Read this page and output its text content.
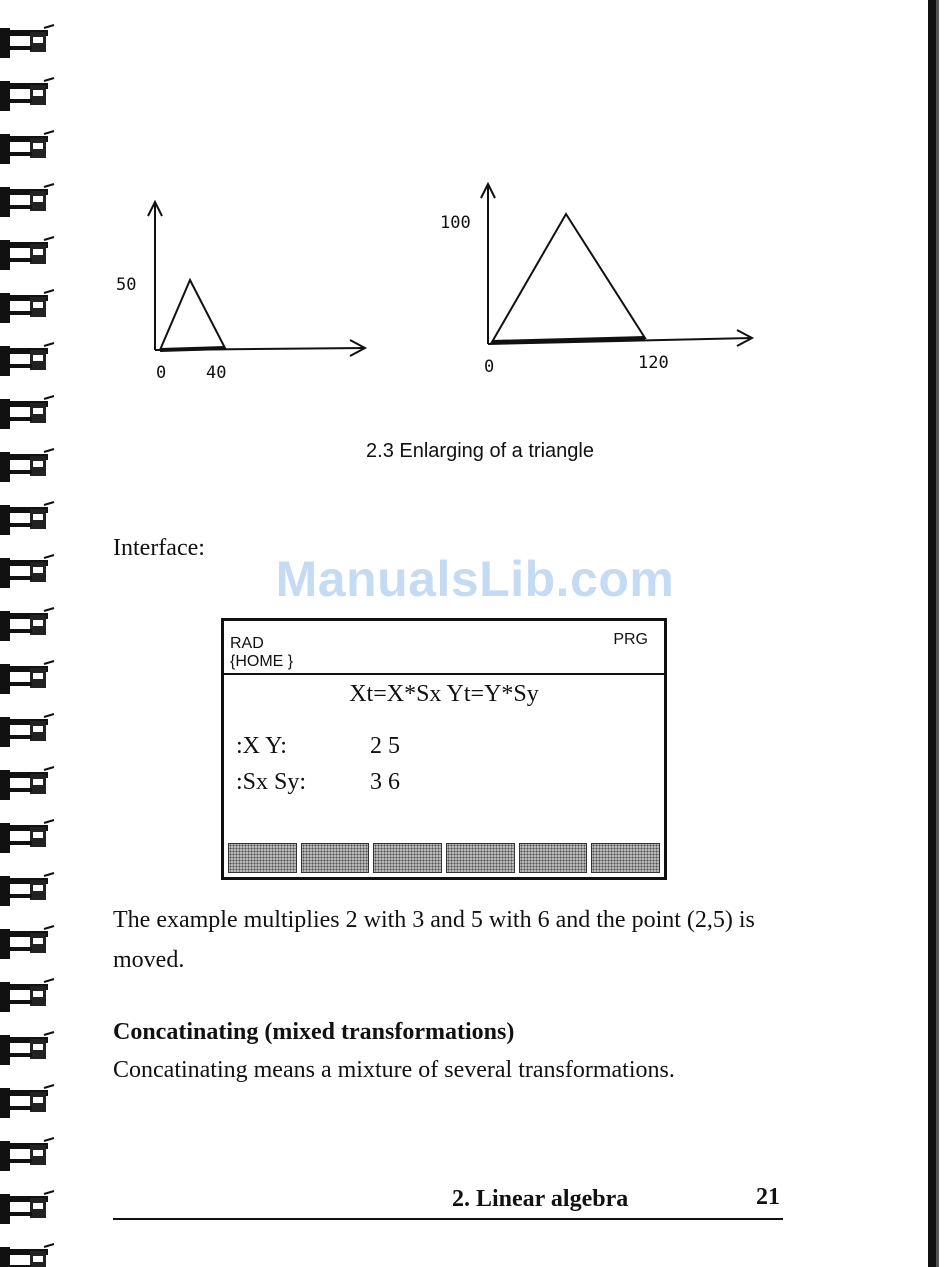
50
0 40
100
0	120
2.3 Enlarging of a triangle
Interface:
ManualsLib.com
RAD
{HOME }
PRG
Xt=X*Sx Yt=Y*Sy
:X Y:	2 5
:Sx Sy:	3 6
The example multiplies 2 with 3 and 5 with 6 and the point (2,5) is moved.
Concatinating (mixed transformations)
Concatinating means a mixture of several transformations.
2. Linear algebra	21
